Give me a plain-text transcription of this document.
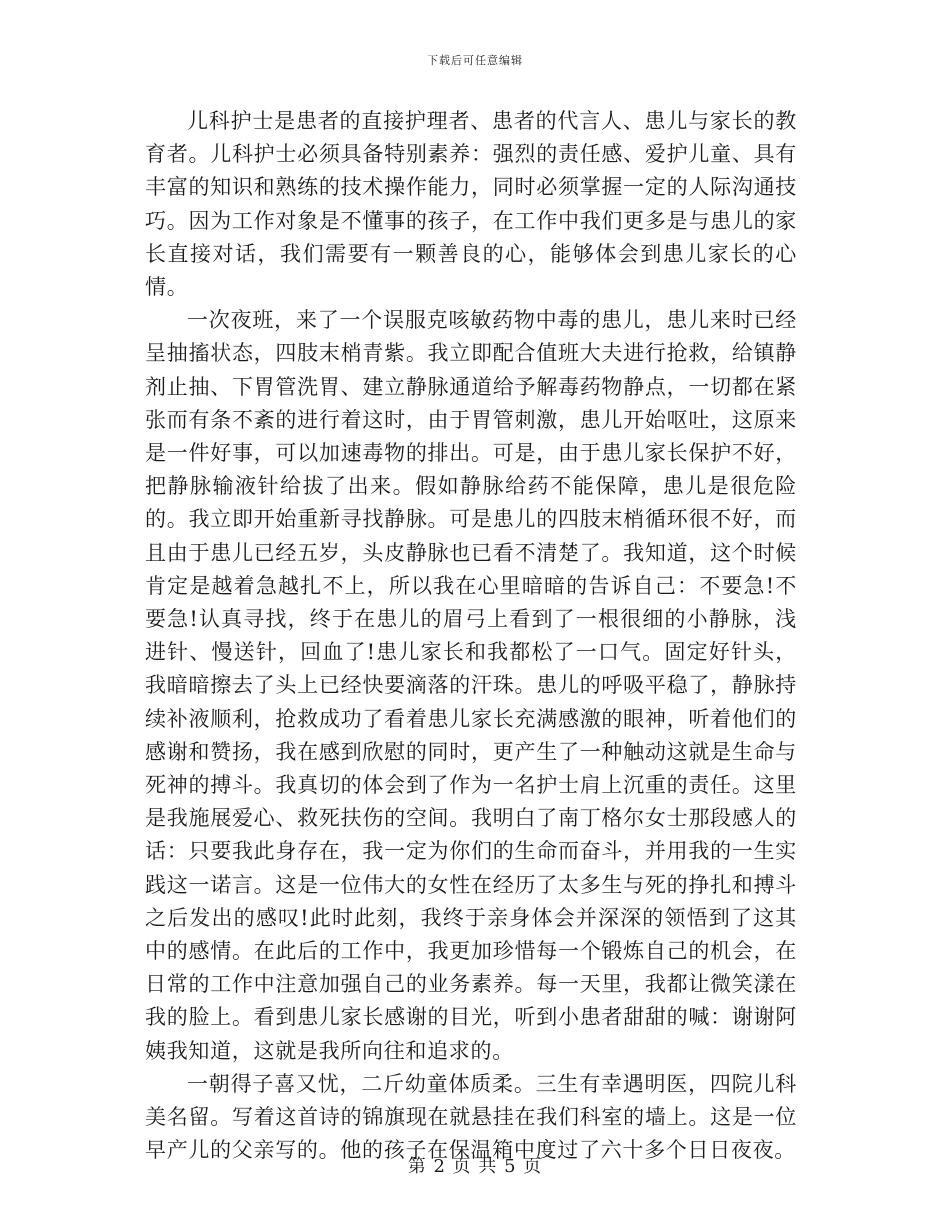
下载后可任意编辑

儿科护士是患者的直接护理者、患者的代言人、患儿与家长的教育者。儿科护士必须具备特别素养：强烈的责任感、爱护儿童、具有丰富的知识和熟练的技术操作能力，同时必须掌握一定的人际沟通技巧。因为工作对象是不懂事的孩子，在工作中我们更多是与患儿的家长直接对话，我们需要有一颗善良的心，能够体会到患儿家长的心情。

一次夜班，来了一个误服克咳敏药物中毒的患儿，患儿来时已经呈抽搐状态，四肢末梢青紫。我立即配合值班大夫进行抢救，给镇静剂止抽、下胃管洗胃、建立静脉通道给予解毒药物静点，一切都在紧张而有条不紊的进行着这时，由于胃管刺激，患儿开始呕吐，这原来是一件好事，可以加速毒物的排出。可是，由于患儿家长保护不好，把静脉输液针给拔了出来。假如静脉给药不能保障，患儿是很危险的。我立即开始重新寻找静脉。可是患儿的四肢末梢循环很不好，而且由于患儿已经五岁，头皮静脉也已看不清楚了。我知道，这个时候肯定是越着急越扎不上，所以我在心里暗暗的告诉自己：不要急!不要急!认真寻找，终于在患儿的眉弓上看到了一根很细的小静脉，浅进针、慢送针，回血了!患儿家长和我都松了一口气。固定好针头，我暗暗擦去了头上已经快要滴落的汗珠。患儿的呼吸平稳了，静脉持续补液顺利，抢救成功了看着患儿家长充满感激的眼神，听着他们的感谢和赞扬，我在感到欣慰的同时，更产生了一种触动这就是生命与死神的搏斗。我真切的体会到了作为一名护士肩上沉重的责任。这里是我施展爱心、救死扶伤的空间。我明白了南丁格尔女士那段感人的话：只要我此身存在，我一定为你们的生命而奋斗，并用我的一生实践这一诺言。这是一位伟大的女性在经历了太多生与死的挣扎和搏斗之后发出的感叹!此时此刻，我终于亲身体会并深深的领悟到了这其中的感情。在此后的工作中，我更加珍惜每一个锻炼自己的机会，在日常的工作中注意加强自己的业务素养。每一天里，我都让微笑漾在我的脸上。看到患儿家长感谢的目光，听到小患者甜甜的喊：谢谢阿姨我知道，这就是我所向往和追求的。

一朝得子喜又忧，二斤幼童体质柔。三生有幸遇明医，四院儿科美名留。写着这首诗的锦旗现在就悬挂在我们科室的墙上。这是一位早产儿的父亲写的。他的孩子在保温箱中度过了六十多个日日夜夜。

第 2 页 共 5 页
